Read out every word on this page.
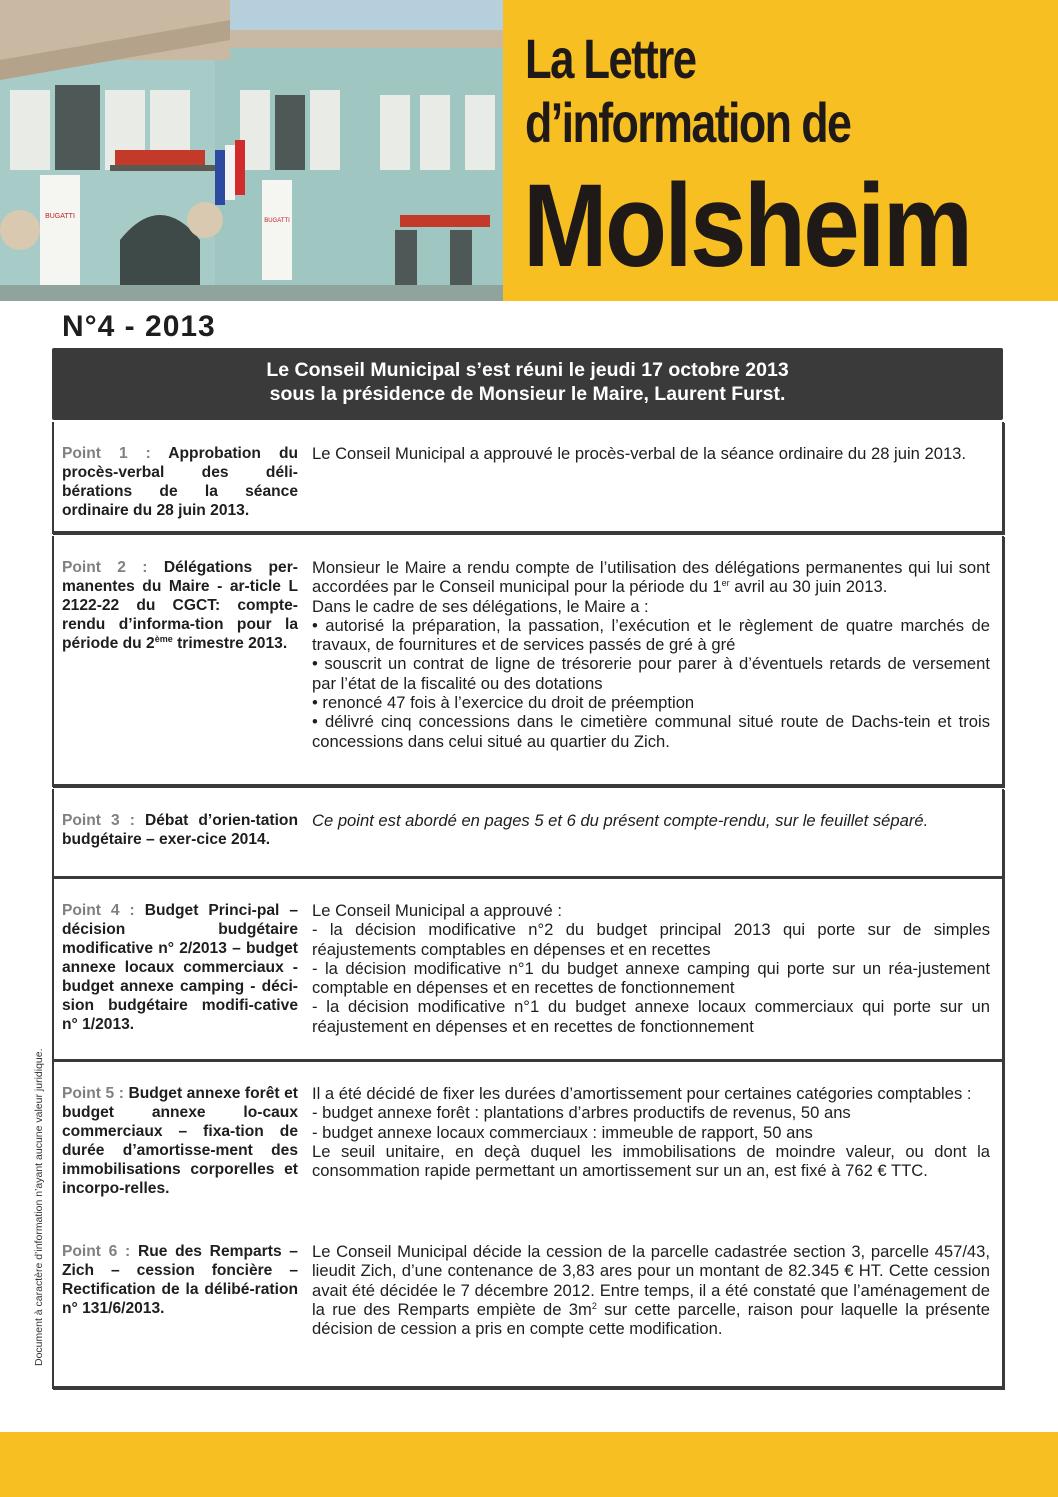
BUGATTI
BUGATTI
La Lettre
d’information de
Molsheim
N°4 - 2013
Le Conseil Municipal s’est réuni le jeudi 17 octobre 2013
sous la présidence de Monsieur le Maire, Laurent Furst.
Point 1 : Approbation du procès-verbal des déli-bérations de la séance ordinaire du 28 juin 2013.

Le Conseil Municipal a approuvé le procès-verbal de la séance ordinaire du 28 juin 2013.

Point 2 : Délégations per-manentes du Maire - ar-ticle L 2122-22 du CGCT: compte-rendu d’informa-tion pour la période du 2ème trimestre 2013.

Monsieur le Maire a rendu compte de l’utilisation des délégations permanentes qui lui sont accordées par le Conseil municipal pour la période du 1er avril au 30 juin 2013.

Dans le cadre de ses délégations, le Maire a :

• autorisé la préparation, la passation, l’exécution et le règlement de quatre marchés de travaux, de fournitures et de services passés de gré à gré

• souscrit un contrat de ligne de trésorerie pour parer à d’éventuels retards de versement par l’état de la fiscalité ou des dotations

• renoncé 47 fois à l’exercice du droit de préemption

• délivré cinq concessions dans le cimetière communal situé route de Dachs-tein et trois concessions dans celui situé au quartier du Zich.

Point 3 : Débat d’orien-tation budgétaire – exer-cice 2014.

Ce point est abordé en pages 5 et 6 du présent compte-rendu, sur le feuillet séparé.

Point 4 : Budget Princi-pal – décision budgétaire modificative n° 2/2013 – budget annexe locaux commerciaux - budget annexe camping - déci-sion budgétaire modifi-cative n° 1/2013.

Le Conseil Municipal a approuvé :

- la décision modificative n°2 du budget principal 2013 qui porte sur de simples réajustements comptables en dépenses et en recettes

- la décision modificative n°1 du budget annexe camping qui porte sur un réa-justement comptable en dépenses et en recettes de fonctionnement

- la décision modificative n°1 du budget annexe locaux commerciaux qui porte sur un réajustement en dépenses et en recettes de fonctionnement

Point 5 : Budget annexe forêt et budget annexe lo-caux commerciaux – fixa-tion de durée d’amortisse-ment des immobilisations corporelles et incorpo-relles.

Il a été décidé de fixer les durées d’amortissement pour certaines catégories comptables :

- budget annexe forêt : plantations d’arbres productifs de revenus, 50 ans

- budget annexe locaux commerciaux : immeuble de rapport, 50 ans

Le seuil unitaire, en deçà duquel les immobilisations de moindre valeur, ou dont la consommation rapide permettant un amortissement sur un an, est fixé à 762 € TTC.

Point 6 : Rue des Remparts – Zich – cession foncière – Rectification de la délibé-ration n° 131/6/2013.

Le Conseil Municipal décide la cession de la parcelle cadastrée section 3, parcelle 457/43, lieudit Zich, d’une contenance de 3,83 ares pour un montant de 82.345 € HT. Cette cession avait été décidée le 7 décembre 2012. Entre temps, il a été constaté que l’aménagement de la rue des Remparts empiète de $3m^2$ sur cette parcelle, raison pour laquelle la présente décision de cession a pris en compte cette modification.

Document à caractère d’information n’ayant aucune valeur juridique.
